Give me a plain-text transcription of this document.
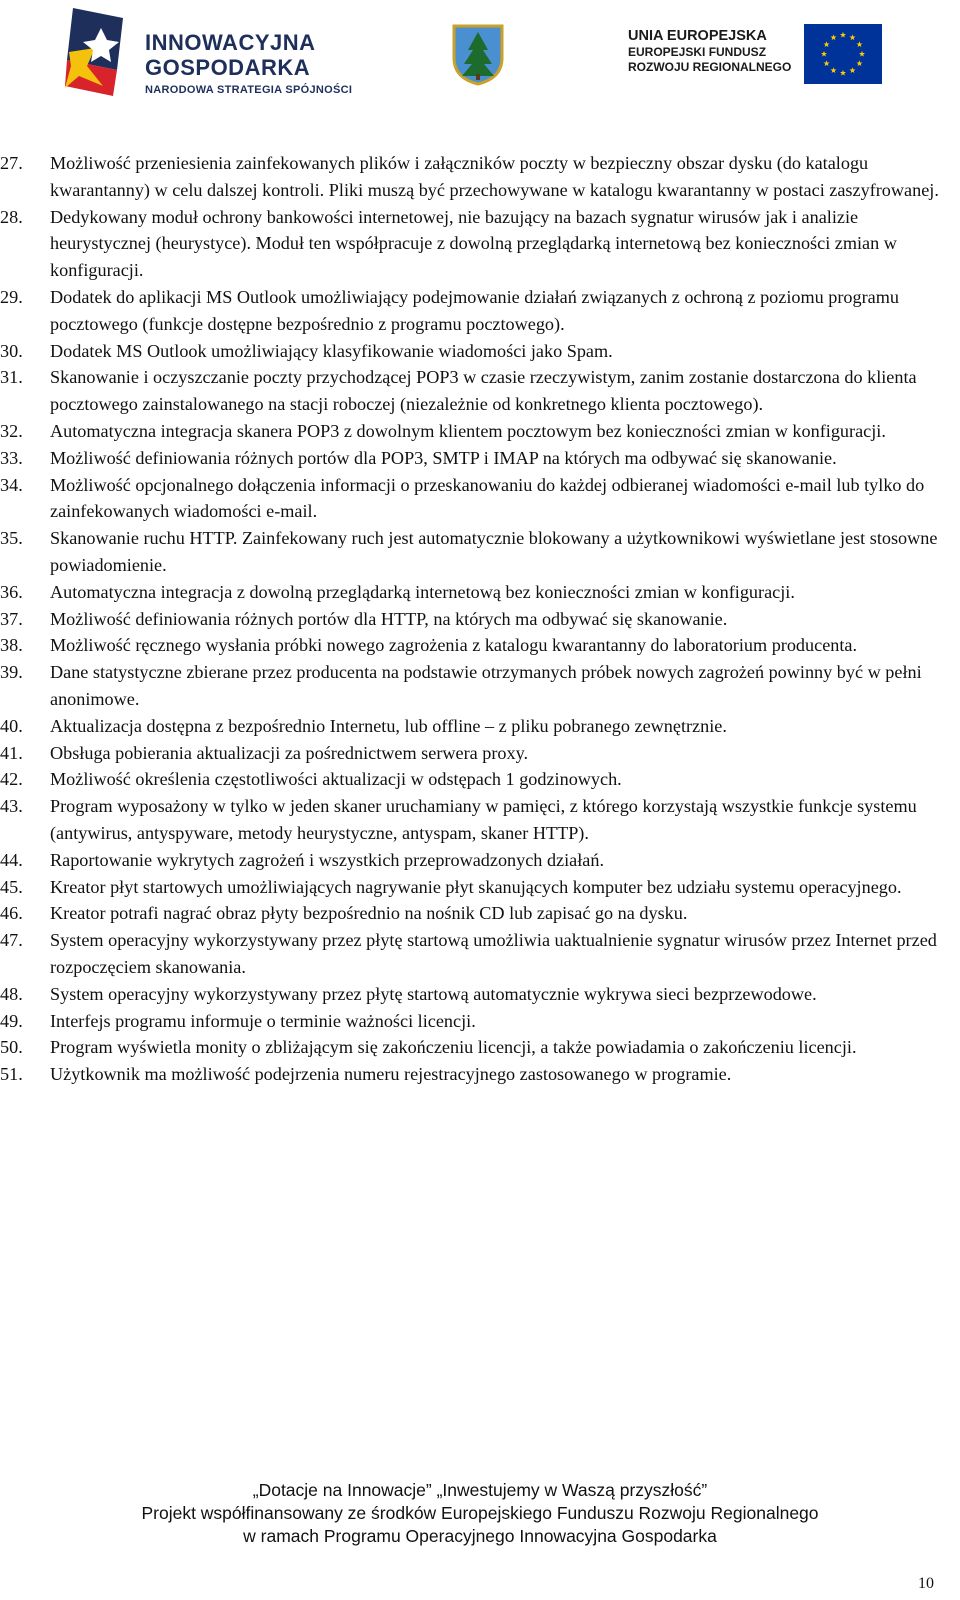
INNOWACYJNA
GOSPODARKA
NARODOWA STRATEGIA SPÓJNOŚCI
UNIA EUROPEJSKA
EUROPEJSKI FUNDUSZ
ROZWOJU REGIONALNEGO
27.	Możliwość przeniesienia zainfekowanych plików i załączników poczty w bezpieczny obszar dysku (do katalogu kwarantanny) w celu dalszej kontroli. Pliki muszą być przechowywane w katalogu kwarantanny w postaci zaszyfrowanej.
28.	Dedykowany moduł ochrony bankowości internetowej, nie bazujący na bazach sygnatur wirusów jak i analizie heurystycznej (heurystyce). Moduł ten współpracuje z dowolną przeglądarką internetową bez konieczności zmian w konfiguracji.
29.	Dodatek do aplikacji MS Outlook umożliwiający podejmowanie działań związanych z ochroną z poziomu programu pocztowego (funkcje dostępne bezpośrednio z programu pocztowego).
30.	Dodatek MS Outlook umożliwiający klasyfikowanie wiadomości jako Spam.
31.	Skanowanie i oczyszczanie poczty przychodzącej POP3 w czasie rzeczywistym, zanim zostanie dostarczona do klienta pocztowego zainstalowanego na stacji roboczej (niezależnie od konkretnego klienta pocztowego).
32.	Automatyczna integracja skanera POP3 z dowolnym klientem pocztowym bez konieczności zmian w konfiguracji.
33.	Możliwość definiowania różnych portów dla POP3, SMTP i IMAP na których ma odbywać się skanowanie.
34.	Możliwość opcjonalnego dołączenia informacji o przeskanowaniu do każdej odbieranej wiadomości e-mail lub tylko do zainfekowanych wiadomości e-mail.
35.	Skanowanie ruchu HTTP. Zainfekowany ruch jest automatycznie blokowany a użytkownikowi wyświetlane jest stosowne powiadomienie.
36.	Automatyczna integracja z dowolną przeglądarką internetową bez konieczności zmian w konfiguracji.
37.	Możliwość definiowania różnych portów dla HTTP, na których ma odbywać się skanowanie.
38.	Możliwość ręcznego wysłania próbki nowego zagrożenia z katalogu kwarantanny do laboratorium producenta.
39.	Dane statystyczne zbierane przez producenta na podstawie otrzymanych próbek nowych zagrożeń powinny być w pełni anonimowe.
40.	Aktualizacja dostępna z bezpośrednio Internetu, lub offline – z pliku pobranego zewnętrznie.
41.	Obsługa pobierania aktualizacji za pośrednictwem serwera proxy.
42.	Możliwość określenia częstotliwości aktualizacji w odstępach 1 godzinowych.
43.	Program wyposażony w tylko w jeden skaner uruchamiany w pamięci, z którego korzystają wszystkie funkcje systemu (antywirus, antyspyware, metody heurystyczne, antyspam, skaner HTTP).
44.	Raportowanie wykrytych zagrożeń i wszystkich przeprowadzonych działań.
45.	Kreator płyt startowych umożliwiających nagrywanie płyt skanujących komputer bez udziału systemu operacyjnego.
46.	Kreator potrafi nagrać obraz płyty bezpośrednio na nośnik CD lub zapisać go na dysku.
47.	System operacyjny wykorzystywany przez płytę startową umożliwia uaktualnienie sygnatur wirusów przez Internet przed rozpoczęciem skanowania.
48.	System operacyjny wykorzystywany przez płytę startową automatycznie wykrywa sieci bezprzewodowe.
49.	Interfejs programu informuje o terminie ważności licencji.
50.	Program wyświetla monity o zbliżającym się zakończeniu licencji, a także powiadamia o zakończeniu licencji.
51.	Użytkownik ma możliwość podejrzenia numeru rejestracyjnego zastosowanego w programie.
„Dotacje na Innowacje” „Inwestujemy w Waszą przyszłość”
Projekt współfinansowany ze środków Europejskiego Funduszu Rozwoju Regionalnego
w ramach Programu Operacyjnego Innowacyjna Gospodarka
10
